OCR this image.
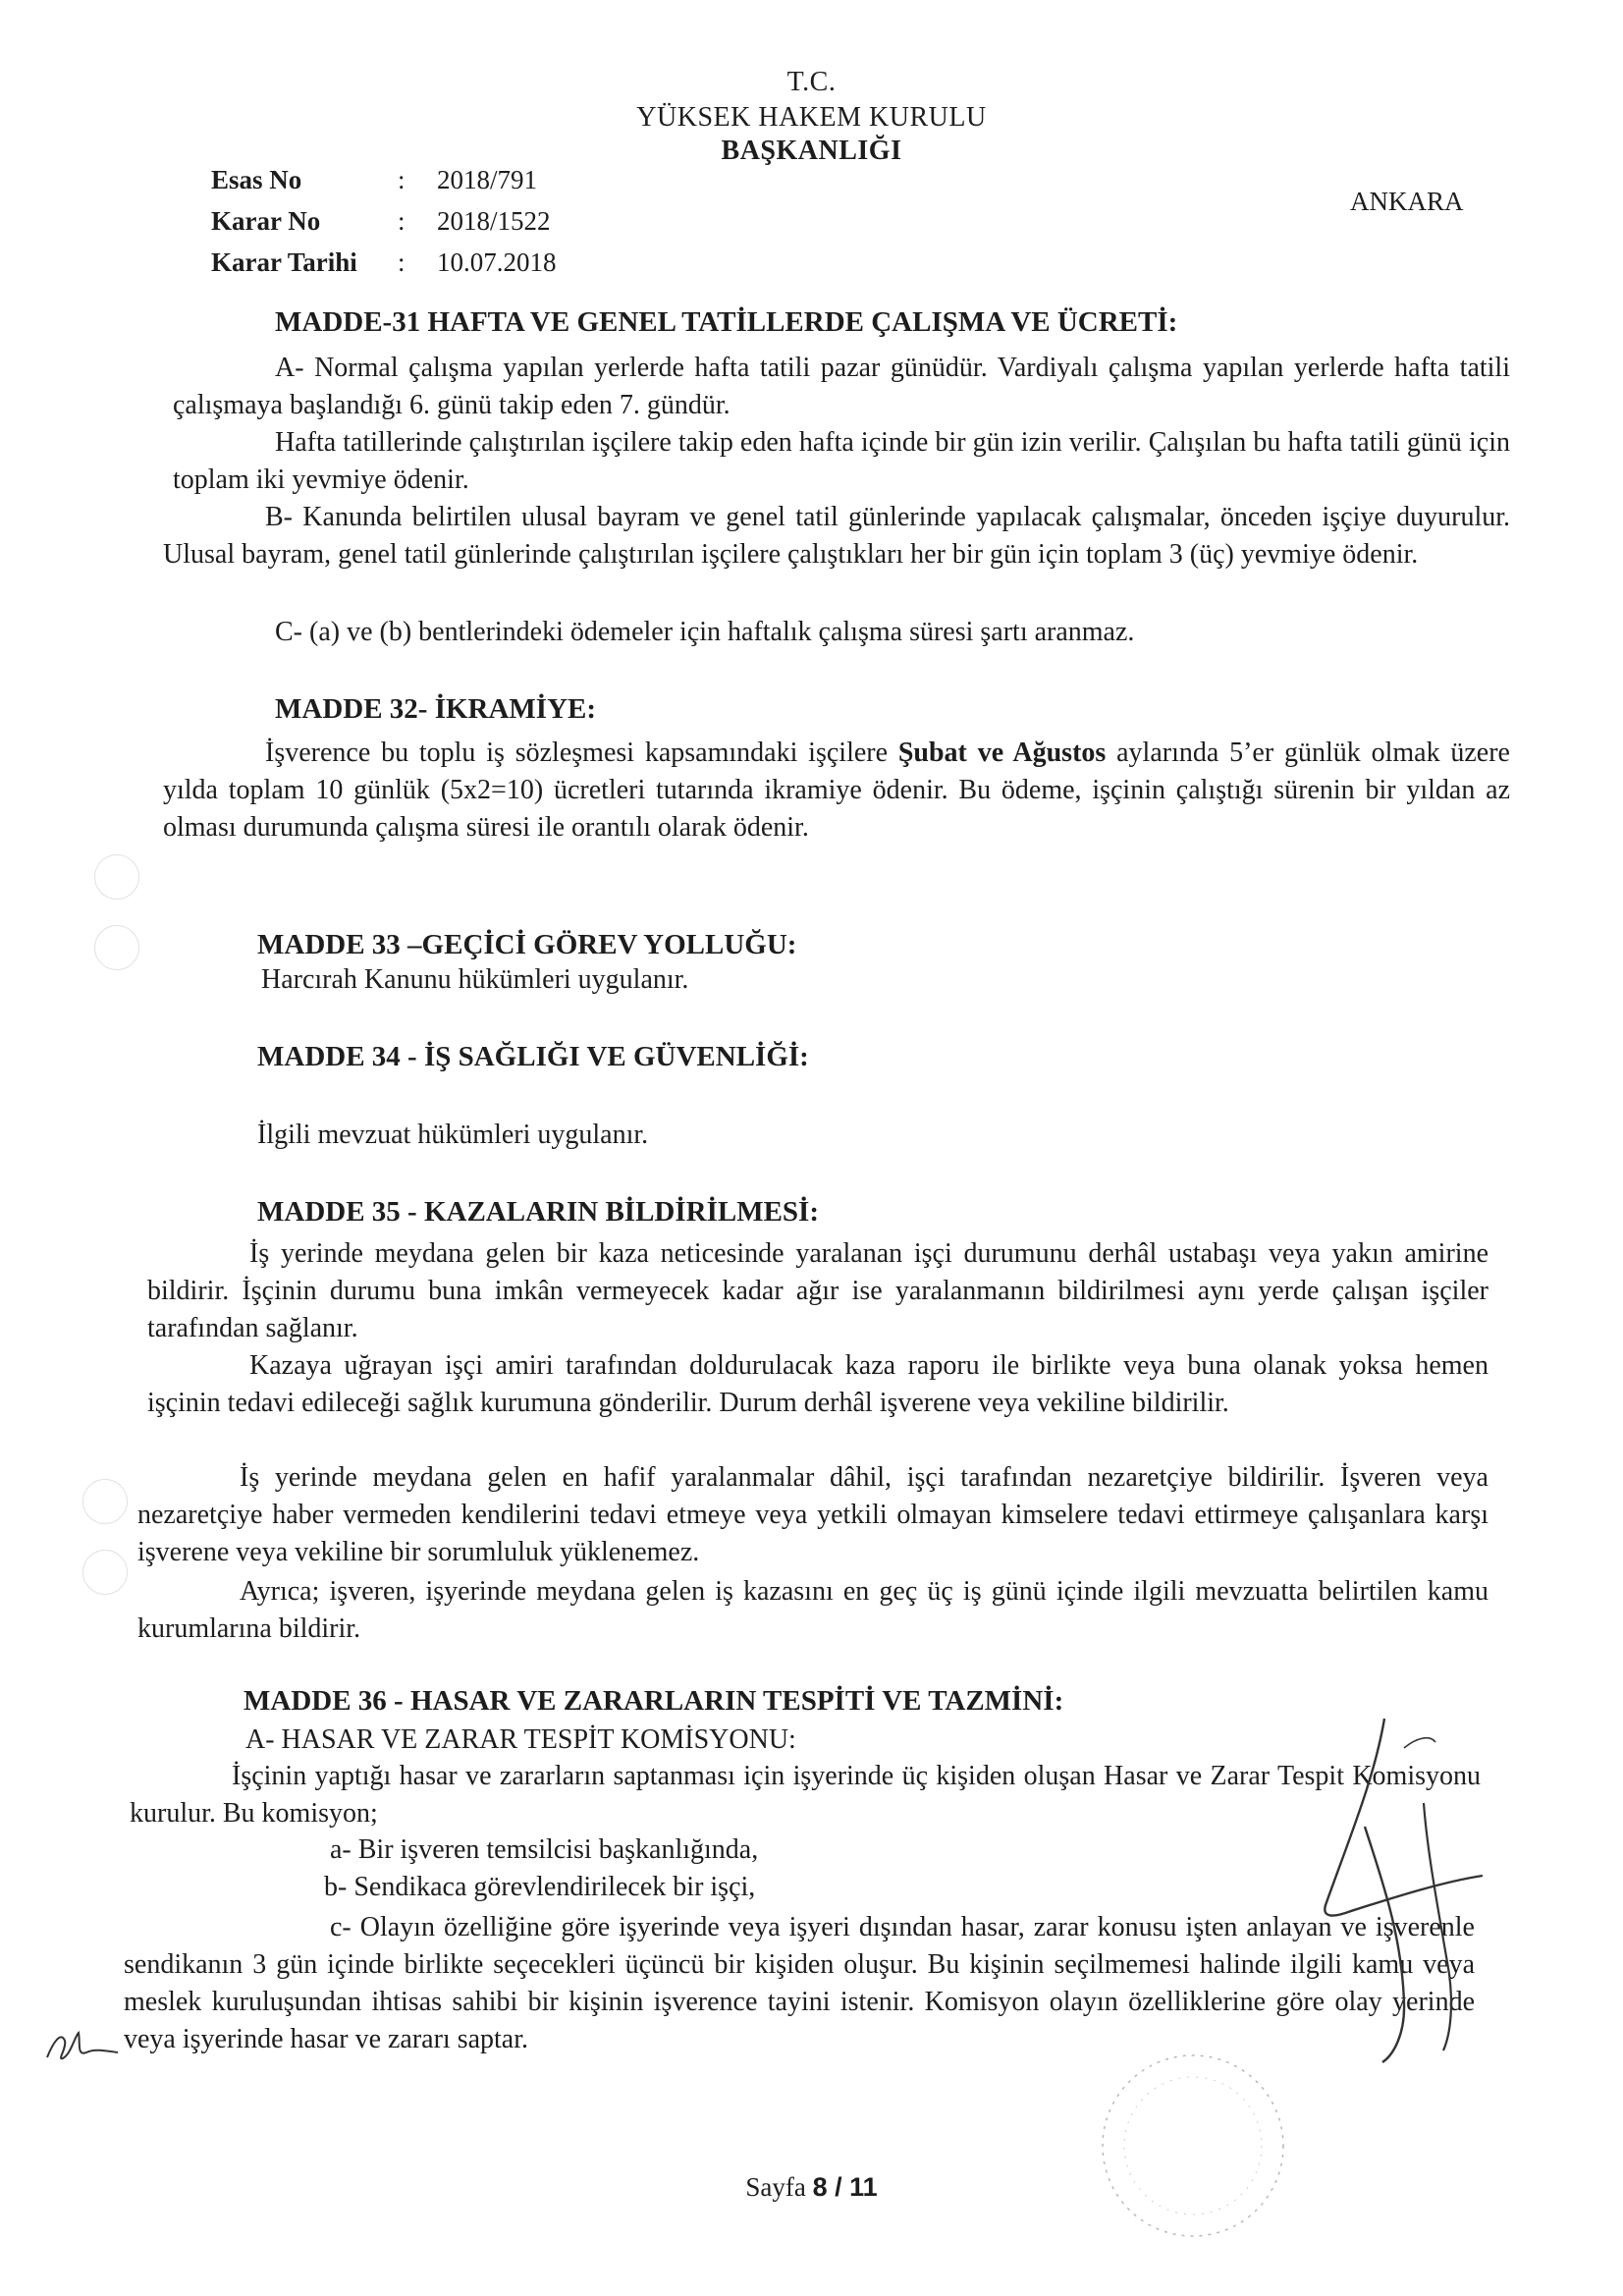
T.C.
YÜKSEK HAKEM KURULU
BAŞKANLIĞI
Esas No	:	2018/791
Karar No	:	2018/1522
Karar Tarihi	:	10.07.2018
ANKARA
MADDE-31 HAFTA VE GENEL TATİLLERDE ÇALIŞMA VE ÜCRETİ:

A- Normal çalışma yapılan yerlerde hafta tatili pazar günüdür. Vardiyalı çalışma yapılan yerlerde hafta tatili çalışmaya başlandığı 6. günü takip eden 7. gündür.

Hafta tatillerinde çalıştırılan işçilere takip eden hafta içinde bir gün izin verilir. Çalışılan bu hafta tatili günü için toplam iki yevmiye ödenir.

B- Kanunda belirtilen ulusal bayram ve genel tatil günlerinde yapılacak çalışmalar, önceden işçiye duyurulur. Ulusal bayram, genel tatil günlerinde çalıştırılan işçilere çalıştıkları her bir gün için toplam 3 (üç) yevmiye ödenir.

C- (a) ve (b) bentlerindeki ödemeler için haftalık çalışma süresi şartı aranmaz.

MADDE 32- İKRAMİYE:

İşverence bu toplu iş sözleşmesi kapsamındaki işçilere Şubat ve Ağustos aylarında 5’er günlük olmak üzere yılda toplam 10 günlük (5x2=10) ücretleri tutarında ikramiye ödenir. Bu ödeme, işçinin çalıştığı sürenin bir yıldan az olması durumunda çalışma süresi ile orantılı olarak ödenir.

MADDE 33 –GEÇİCİ GÖREV YOLLUĞU:
Harcırah Kanunu hükümleri uygulanır.
MADDE 34 - İŞ SAĞLIĞI VE GÜVENLİĞİ:
İlgili mevzuat hükümleri uygulanır.
MADDE 35 - KAZALARIN BİLDİRİLMESİ:

İş yerinde meydana gelen bir kaza neticesinde yaralanan işçi durumunu derhâl ustabaşı veya yakın amirine bildirir. İşçinin durumu buna imkân vermeyecek kadar ağır ise yaralanmanın bildirilmesi aynı yerde çalışan işçiler tarafından sağlanır.

Kazaya uğrayan işçi amiri tarafından doldurulacak kaza raporu ile birlikte veya buna olanak yoksa hemen işçinin tedavi edileceği sağlık kurumuna gönderilir. Durum derhâl işverene veya vekiline bildirilir.

İş yerinde meydana gelen en hafif yaralanmalar dâhil, işçi tarafından nezaretçiye bildirilir. İşveren veya nezaretçiye haber vermeden kendilerini tedavi etmeye veya yetkili olmayan kimselere tedavi ettirmeye çalışanlara karşı işverene veya vekiline bir sorumluluk yüklenemez.

Ayrıca; işveren, işyerinde meydana gelen iş kazasını en geç üç iş günü içinde ilgili mevzuatta belirtilen kamu kurumlarına bildirir.

MADDE 36 - HASAR VE ZARARLARIN TESPİTİ VE TAZMİNİ:
A- HASAR VE ZARAR TESPİT KOMİSYONU:

İşçinin yaptığı hasar ve zararların saptanması için işyerinde üç kişiden oluşan Hasar ve Zarar Tespit Komisyonu kurulur. Bu komisyon;

a- Bir işveren temsilcisi başkanlığında,
b- Sendikaca görevlendirilecek bir işçi,

c- Olayın özelliğine göre işyerinde veya işyeri dışından hasar, zarar konusu işten anlayan ve işverenle sendikanın 3 gün içinde birlikte seçecekleri üçüncü bir kişiden oluşur. Bu kişinin seçilmemesi halinde ilgili kamu veya meslek kuruluşundan ihtisas sahibi bir kişinin işverence tayini istenir. Komisyon olayın özelliklerine göre olay yerinde veya işyerinde hasar ve zararı saptar.

Sayfa 8 / 11
